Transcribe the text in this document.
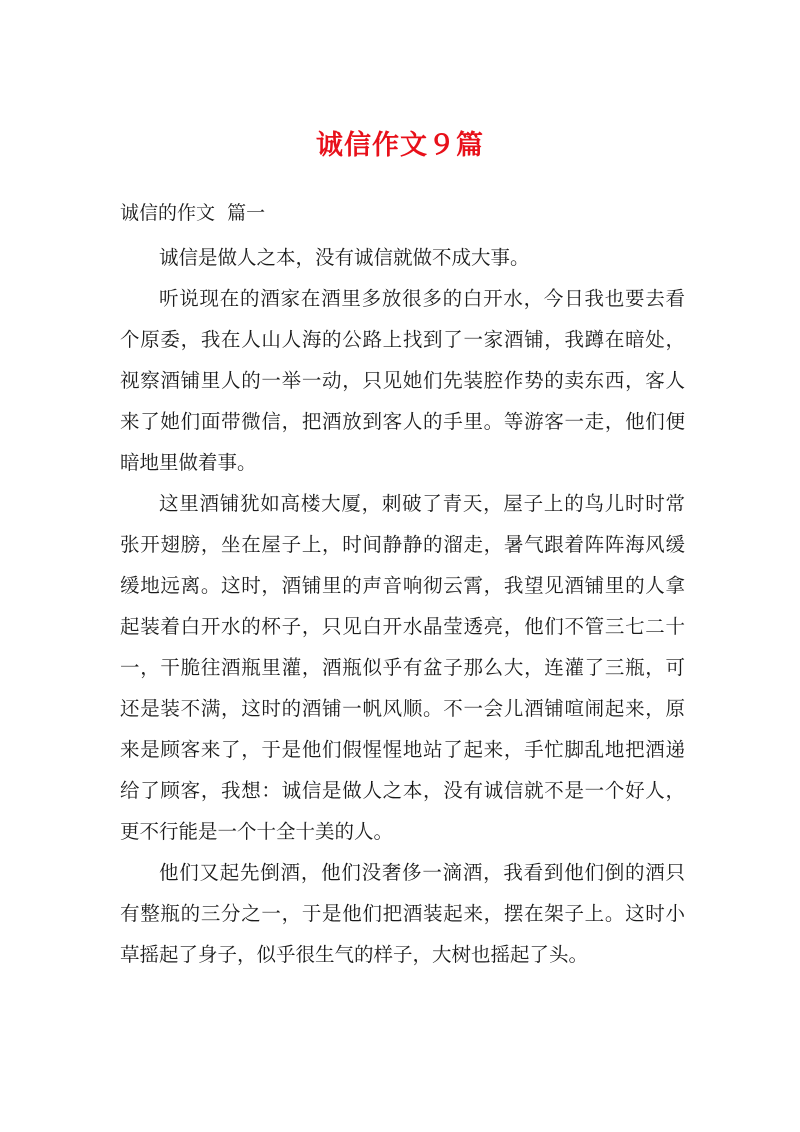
诚信作文９篇
诚信的作文  篇一

诚信是做人之本，没有诚信就做不成大事。

听说现在的酒家在酒里多放很多的白开水，今日我也要去看个原委，我在人山人海的公路上找到了一家酒铺，我蹲在暗处，视察酒铺里人的一举一动，只见她们先装腔作势的卖东西，客人来了她们面带微信，把酒放到客人的手里。等游客一走，他们便暗地里做着事。

这里酒铺犹如高楼大厦，刺破了青天，屋子上的鸟儿时时常张开翅膀，坐在屋子上，时间静静的溜走，暑气跟着阵阵海风缓缓地远离。这时，酒铺里的声音响彻云霄，我望见酒铺里的人拿起装着白开水的杯子，只见白开水晶莹透亮，他们不管三七二十一，干脆往酒瓶里灌，酒瓶似乎有盆子那么大，连灌了三瓶，可还是装不满，这时的酒铺一帆风顺。不一会儿酒铺喧闹起来，原来是顾客来了，于是他们假惺惺地站了起来，手忙脚乱地把酒递给了顾客，我想：诚信是做人之本，没有诚信就不是一个好人，更不行能是一个十全十美的人。

他们又起先倒酒，他们没奢侈一滴酒，我看到他们倒的酒只有整瓶的三分之一，于是他们把酒装起来，摆在架子上。这时小草摇起了身子，似乎很生气的样子，大树也摇起了头。
